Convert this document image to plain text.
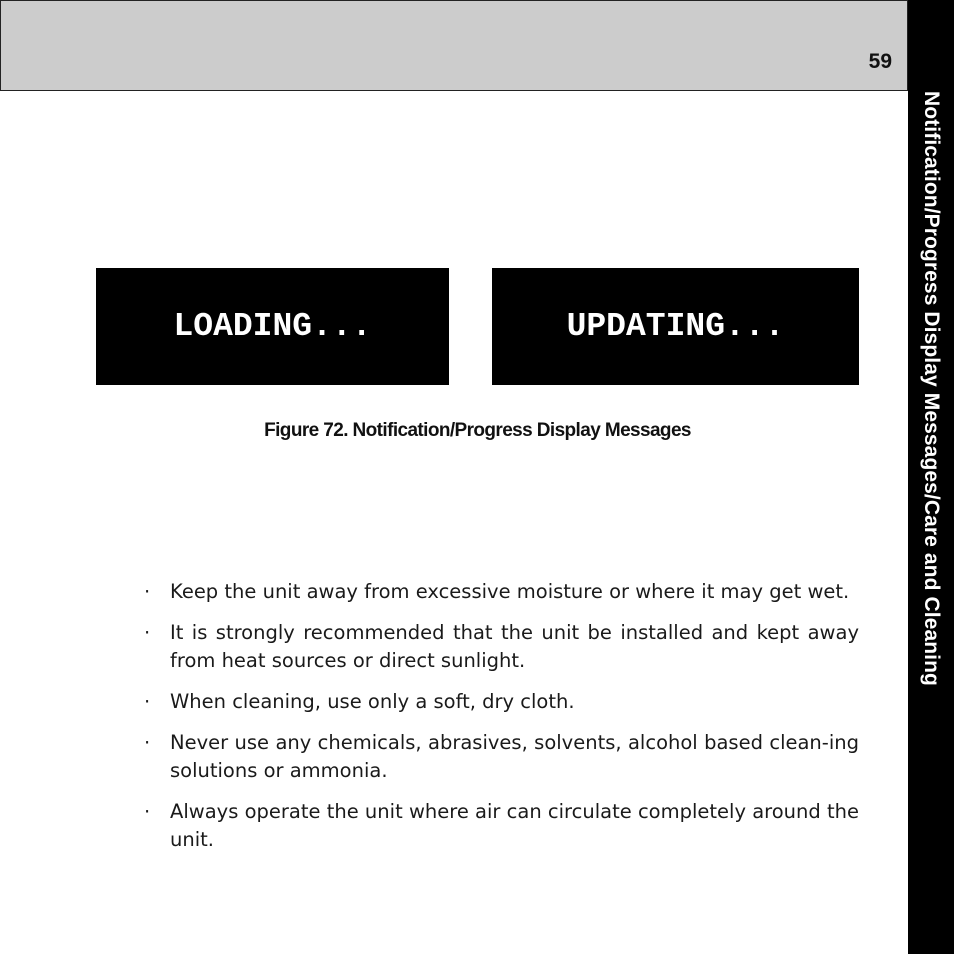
59
Notification/Progress Display Messages/Care and Cleaning
LOADING...	UPDATING...
Figure 72. Notification/Progress Display Messages
· Keep the unit away from excessive moisture or where it may get wet.
· It is strongly recommended that the unit be installed and kept away from heat sources or direct sunlight.
· When cleaning, use only a soft, dry cloth.
· Never use any chemicals, abrasives, solvents, alcohol based clean-ing solutions or ammonia.
· Always operate the unit where air can circulate completely around the unit.
